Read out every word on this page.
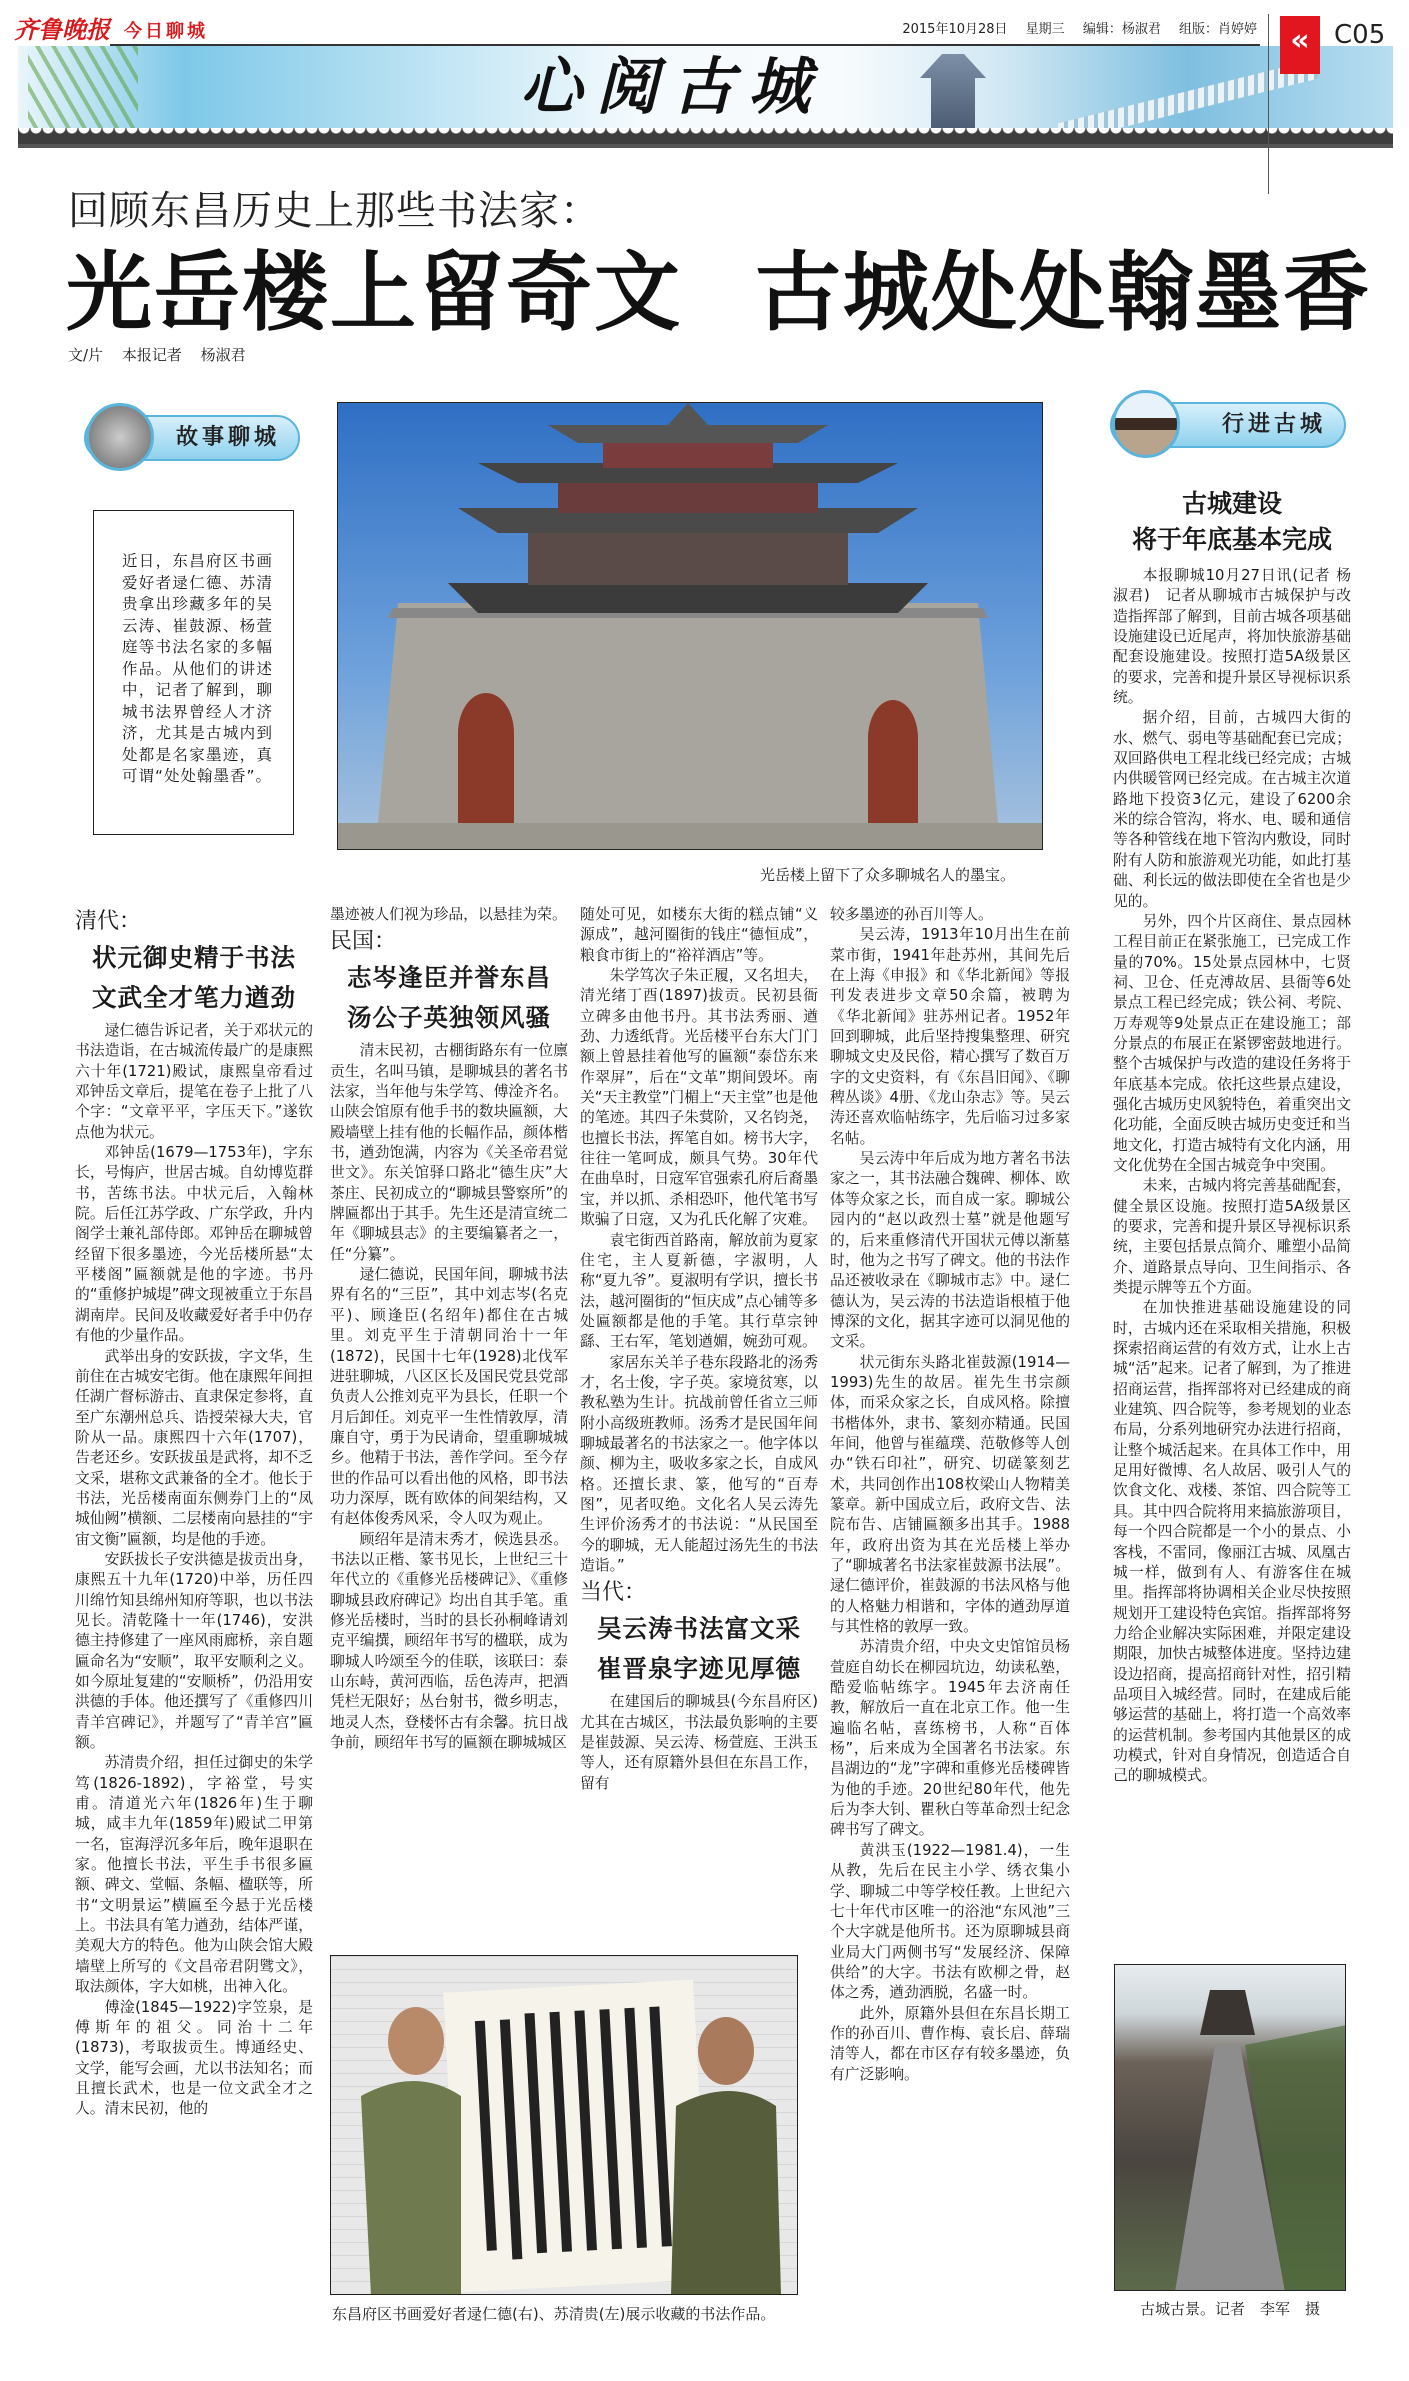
齐鲁晚报 今日聊城	2015年10月28日 星期三 编辑：杨淑君 组版：肖婷婷
心阅古城
« C05
回顾东昌历史上那些书法家：
光岳楼上留奇文 古城处处翰墨香
文/片 本报记者 杨淑君
故事聊城
近日，东昌府区书画爱好者逯仁德、苏清贵拿出珍藏多年的吴云涛、崔鼓源、杨萱庭等书法名家的多幅作品。从他们的讲述中，记者了解到，聊城书法界曾经人才济济，尤其是古城内到处都是名家墨迹，真可谓“处处翰墨香”。
光岳楼上留下了众多聊城名人的墨宝。
清代：
状元御史精于书法
文武全才笔力遒劲

逯仁德告诉记者，关于邓状元的书法造诣，在古城流传最广的是康熙六十年(1721)殿试，康熙皇帝看过邓钟岳文章后，提笔在卷子上批了八个字：“文章平平，字压天下。”遂钦点他为状元。

邓钟岳(1679—1753年)，字东长，号悔庐，世居古城。自幼博览群书，苦练书法。中状元后，入翰林院。后任江苏学政、广东学政，升内阁学士兼礼部侍郎。邓钟岳在聊城曾经留下很多墨迹，今光岳楼所悬“太平楼阁”匾额就是他的字迹。书丹的“重修护城堤”碑文现被重立于东昌湖南岸。民间及收藏爱好者手中仍存有他的少量作品。

武举出身的安跃拔，字文华，生前住在古城安宅街。他在康熙年间担任湖广督标游击、直隶保定参将，直至广东潮州总兵、诰授荣禄大夫，官阶从一品。康熙四十六年(1707)，告老还乡。安跃拔虽是武将，却不乏文采，堪称文武兼备的全才。他长于书法，光岳楼南面东侧券门上的“凤城仙阙”横额、二层楼南向悬挂的“宇宙文衡”匾额，均是他的手迹。

安跃拔长子安洪德是拔贡出身，康熙五十九年(1720)中举，历任四川绵竹知县绵州知府等职，也以书法见长。清乾隆十一年(1746)，安洪德主持修建了一座风雨廊桥，亲自题匾命名为“安顺”，取平安顺利之义。如今原址复建的“安顺桥”，仍沿用安洪德的手体。他还撰写了《重修四川青羊宫碑记》，并题写了“青羊宫”匾额。

苏清贵介绍，担任过御史的朱学笃(1826-1892)，字裕堂，号实甫。清道光六年(1826年)生于聊城，咸丰九年(1859年)殿试二甲第一名，宦海浮沉多年后，晚年退职在家。他擅长书法，平生手书很多匾额、碑文、堂幅、条幅、楹联等，所书“文明景运”横匾至今悬于光岳楼上。书法具有笔力遒劲，结体严谨，美观大方的特色。他为山陕会馆大殿墙壁上所写的《文昌帝君阴骘文》，取法颜体，字大如桃，出神入化。

傅淦(1845—1922)字笠泉，是傅斯年的祖父。同治十二年(1873)，考取拔贡生。博通经史、文学，能写会画，尤以书法知名；而且擅长武术，也是一位文武全才之人。清末民初，他的

墨迹被人们视为珍品，以悬挂为荣。

民国：
志岑逢臣并誉东昌
汤公子英独领风骚

清末民初，古棚街路东有一位廪贡生，名叫马镇，是聊城县的著名书法家，当年他与朱学笃、傅淦齐名。山陕会馆原有他手书的数块匾额，大殿墙壁上挂有他的长幅作品，颜体楷书，遒劲饱满，内容为《关圣帝君觉世文》。东关馆驿口路北“德生庆”大茶庄、民初成立的“聊城县警察所”的牌匾都出于其手。先生还是清宣统二年《聊城县志》的主要编纂者之一，任“分纂”。

逯仁德说，民国年间，聊城书法界有名的“三臣”，其中刘志岑(名克平)、顾逢臣(名绍年)都住在古城里。刘克平生于清朝同治十一年(1872)，民国十七年(1928)北伐军进驻聊城，八区区长及国民党县党部负责人公推刘克平为县长，任职一个月后卸任。刘克平一生性情敦厚，清廉自守，勇于为民请命，望重聊城城乡。他精于书法，善作学问。至今存世的作品可以看出他的风格，即书法功力深厚，既有欧体的间架结构，又有赵体俊秀风采，令人叹为观止。

顾绍年是清末秀才，候选县丞。书法以正楷、篆书见长，上世纪三十年代立的《重修光岳楼碑记》、《重修聊城县政府碑记》均出自其手笔。重修光岳楼时，当时的县长孙桐峰请刘克平编撰，顾绍年书写的楹联，成为聊城人吟颂至今的佳联，该联曰：泰山东峙，黄河西临，岳色涛声，把酒凭栏无限好；丛台射书，微乡明志，地灵人杰，登楼怀古有余馨。抗日战争前，顾绍年书写的匾额在聊城城区

随处可见，如楼东大街的糕点铺“义源成”，越河圈街的钱庄“德恒成”，粮食市街上的“裕祥酒店”等。

朱学笃次子朱正履，又名坦夫，清光绪丁酉(1897)拔贡。民初县衙立碑多由他书丹。其书法秀丽、遒劲、力透纸背。光岳楼平台东大门门额上曾悬挂着他写的匾额“泰岱东来作翠屏”，后在“文革”期间毁坏。南关“天主教堂”门楣上“天主堂”也是他的笔迹。其四子朱蓂阶，又名钧尧，也擅长书法，挥笔自如。榜书大字，往往一笔呵成，颇具气势。30年代在曲阜时，日寇军官强索孔府后裔墨宝，并以抓、杀相恐吓，他代笔书写欺骗了日寇，又为孔氏化解了灾难。

袁宅街西首路南，解放前为夏家住宅，主人夏新德，字淑明，人称“夏九爷”。夏淑明有学识，擅长书法，越河圈街的“恒庆成”点心铺等多处匾额都是他的手笔。其行草宗钟繇、王右军，笔划遒媚，婉劲可观。

家居东关羊子巷东段路北的汤秀才，名士俊，字子英。家境贫寒，以教私塾为生计。抗战前曾任省立三师附小高级班教师。汤秀才是民国年间聊城最著名的书法家之一。他字体以颜、柳为主，吸收多家之长，自成风格。还擅长隶、篆，他写的“百寿图”，见者叹绝。文化名人吴云涛先生评价汤秀才的书法说：“从民国至今的聊城，无人能超过汤先生的书法造诣。”

当代：
吴云涛书法富文采
崔晋泉字迹见厚德

在建国后的聊城县(今东昌府区)尤其在古城区，书法最负影响的主要是崔鼓源、吴云涛、杨萱庭、王洪玉等人，还有原籍外县但在东昌工作，留有

较多墨迹的孙百川等人。

吴云涛，1913年10月出生在前菜市街，1941年赴苏州，其间先后在上海《申报》和《华北新闻》等报刊发表进步文章50余篇，被聘为《华北新闻》驻苏州记者。1952年回到聊城，此后坚持搜集整理、研究聊城文史及民俗，精心撰写了数百万字的文史资料，有《东昌旧闻》、《聊稗丛谈》4册、《龙山杂志》等。吴云涛还喜欢临帖练字，先后临习过多家名帖。

吴云涛中年后成为地方著名书法家之一，其书法融合魏碑、柳体、欧体等众家之长，而自成一家。聊城公园内的“赵以政烈士墓”就是他题写的，后来重修清代开国状元傅以渐墓时，他为之书写了碑文。他的书法作品还被收录在《聊城市志》中。逯仁德认为，吴云涛的书法造诣根植于他博深的文化，据其字迹可以洞见他的文采。

状元街东头路北崔鼓源(1914—1993)先生的故居。崔先生书宗颜体，而采众家之长，自成风格。除擅书楷体外，隶书、篆刻亦精通。民国年间，他曾与崔蕴璞、范敬修等人创办“铁石印社”，研究、切磋篆刻艺术，共同创作出108枚梁山人物精美篆章。新中国成立后，政府文告、法院布告、店铺匾额多出其手。1988年，政府出资为其在光岳楼上举办了“聊城著名书法家崔鼓源书法展”。逯仁德评价，崔鼓源的书法风格与他的人格魅力相谐和，字体的遒劲厚道与其性格的敦厚一致。

苏清贵介绍，中央文史馆馆员杨萱庭自幼长在柳园坑边，幼读私塾，酷爱临帖练字。1945年去济南任教，解放后一直在北京工作。他一生遍临名帖，喜练榜书，人称“百体杨”，后来成为全国著名书法家。东昌湖边的“龙”字碑和重修光岳楼碑皆为他的手迹。20世纪80年代，他先后为李大钊、瞿秋白等革命烈士纪念碑书写了碑文。

黄洪玉(1922—1981.4)，一生从教，先后在民主小学、绣衣集小学、聊城二中等学校任教。上世纪六七十年代市区唯一的浴池“东风池”三个大字就是他所书。还为原聊城县商业局大门两侧书写“发展经济、保障供给”的大字。书法有欧柳之骨，赵体之秀，遒劲洒脱，名盛一时。

此外，原籍外县但在东昌长期工作的孙百川、曹作梅、袁长启、薛瑞清等人，都在市区存有较多墨迹，负有广泛影响。

东昌府区书画爱好者逯仁德(右)、苏清贵(左)展示收藏的书法作品。
行进古城
古城建设
将于年底基本完成

本报聊城10月27日讯(记者 杨淑君)　记者从聊城市古城保护与改造指挥部了解到，目前古城各项基础设施建设已近尾声，将加快旅游基础配套设施建设。按照打造5A级景区的要求，完善和提升景区导视标识系统。

据介绍，目前，古城四大街的水、燃气、弱电等基础配套已完成；双回路供电工程北线已经完成；古城内供暖管网已经完成。在古城主次道路地下投资3亿元，建设了6200余米的综合管沟，将水、电、暖和通信等各种管线在地下管沟内敷设，同时附有人防和旅游观光功能，如此打基础、利长远的做法即使在全省也是少见的。

另外，四个片区商住、景点园林工程目前正在紧张施工，已完成工作量的70%。15处景点园林中，七贤祠、卫仓、任克溥故居、县衙等6处景点工程已经完成；铁公祠、考院、万寿观等9处景点正在建设施工；部分景点的布展正在紧锣密鼓地进行。整个古城保护与改造的建设任务将于年底基本完成。依托这些景点建设，强化古城历史风貌特色，着重突出文化功能，全面反映古城历史变迁和当地文化，打造古城特有文化内涵，用文化优势在全国古城竞争中突围。

未来，古城内将完善基础配套，健全景区设施。按照打造5A级景区的要求，完善和提升景区导视标识系统，主要包括景点简介、雕塑小品简介、道路景点导向、卫生间指示、各类提示牌等五个方面。

在加快推进基础设施建设的同时，古城内还在采取相关措施，积极探索招商运营的有效方式，让水上古城“活”起来。记者了解到，为了推进招商运营，指挥部将对已经建成的商业建筑、四合院等，参考规划的业态布局，分系列地研究办法进行招商，让整个城活起来。在具体工作中，用足用好微博、名人故居、吸引人气的饮食文化、戏楼、茶馆、四合院等工具。其中四合院将用来搞旅游项目，每一个四合院都是一个小的景点、小客栈，不雷同，像丽江古城、凤凰古城一样，做到有人、有游客住在城里。指挥部将协调相关企业尽快按照规划开工建设特色宾馆。指挥部将努力给企业解决实际困难，并限定建设期限，加快古城整体进度。坚持边建设边招商，提高招商针对性，招引精品项目入城经营。同时，在建成后能够运营的基础上，将打造一个高效率的运营机制。参考国内其他景区的成功模式，针对自身情况，创造适合自己的聊城模式。

古城古景。记者　李军　摄
